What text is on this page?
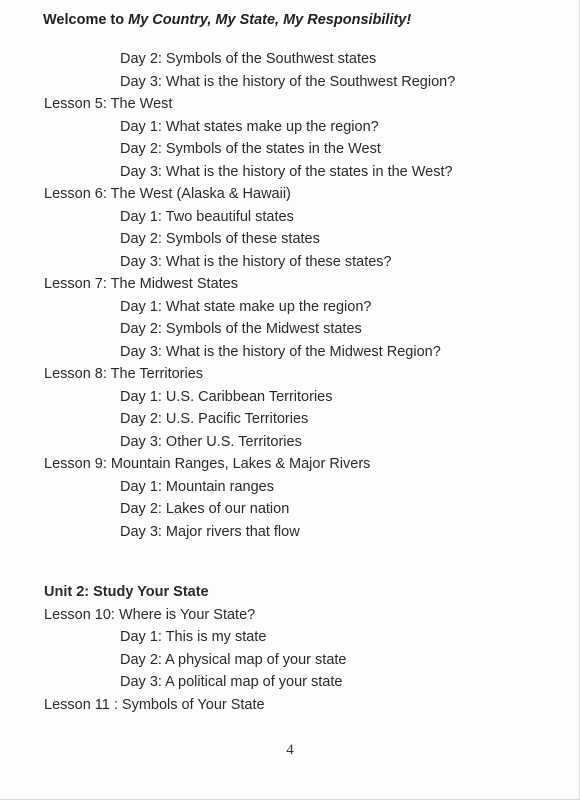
Welcome to My Country, My State, My Responsibility!
Day 2: Symbols of the Southwest states
Day 3: What is the history of the Southwest Region?
Lesson 5: The West
Day 1: What states make up the region?
Day 2: Symbols of the states in the West
Day 3: What is the history of the states in the West?
Lesson 6: The West (Alaska & Hawaii)
Day 1: Two beautiful states
Day 2: Symbols of these states
Day 3: What is the history of these states?
Lesson 7: The Midwest States
Day 1: What state make up the region?
Day 2: Symbols of the Midwest states
Day 3: What is the history of the Midwest Region?
Lesson 8: The Territories
Day 1: U.S. Caribbean Territories
Day 2: U.S. Pacific Territories
Day 3: Other U.S. Territories
Lesson 9: Mountain Ranges, Lakes & Major Rivers
Day 1: Mountain ranges
Day 2: Lakes of our nation
Day 3: Major rivers that flow
Unit 2: Study Your State
Lesson 10: Where is Your State?
Day 1: This is my state
Day 2: A physical map of your state
Day 3: A political map of your state
Lesson 11 : Symbols of Your State
4
